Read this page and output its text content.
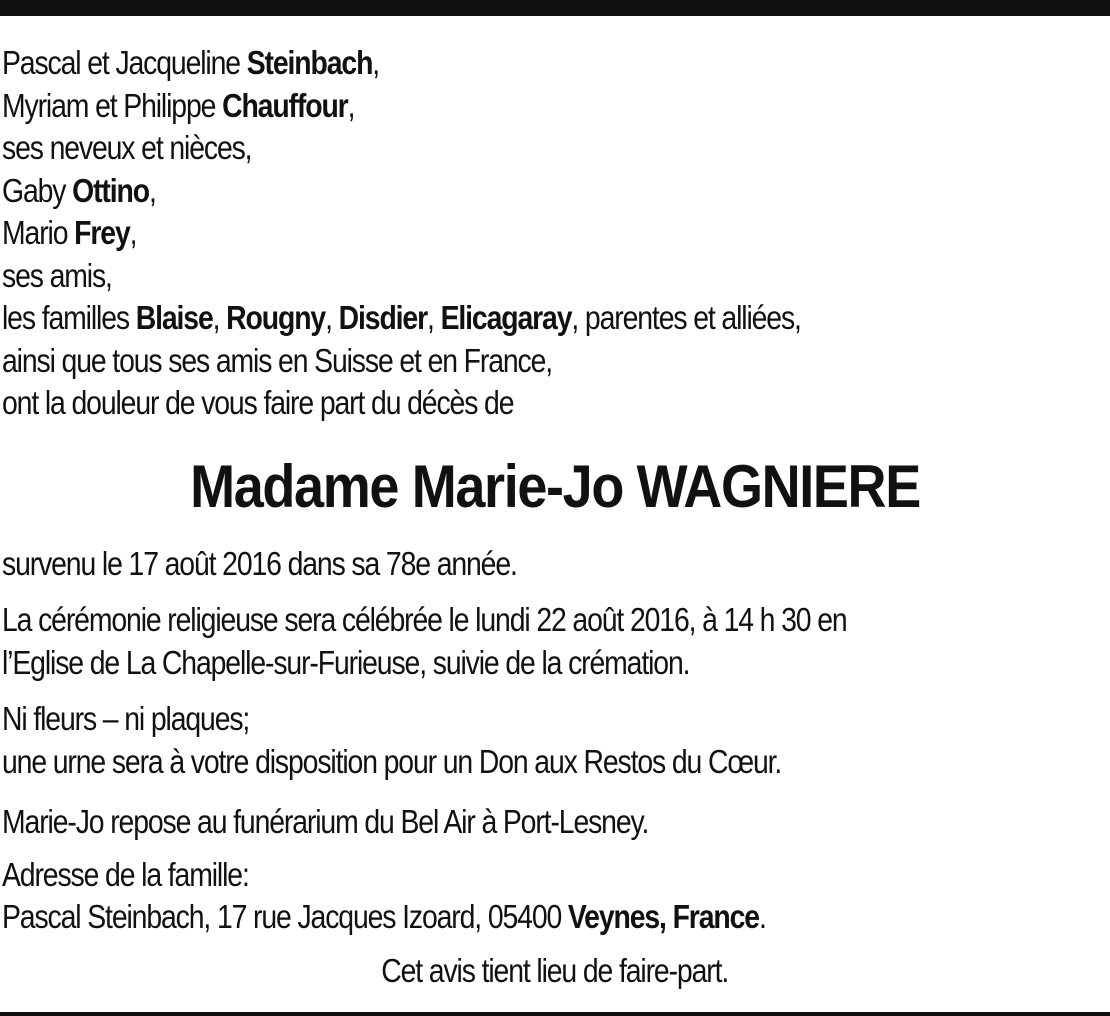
Pascal et Jacqueline Steinbach,
Myriam et Philippe Chauffour,
ses neveux et nièces,
Gaby Ottino,
Mario Frey,
ses amis,
les familles Blaise, Rougny, Disdier, Elicagaray, parentes et alliées,
ainsi que tous ses amis en Suisse et en France,
ont la douleur de vous faire part du décès de
Madame Marie-Jo WAGNIERE
survenu le 17 août 2016 dans sa 78e année.
La cérémonie religieuse sera célébrée le lundi 22 août 2016, à 14 h 30 en
l’Eglise de La Chapelle-sur-Furieuse, suivie de la crémation.
Ni fleurs – ni plaques;
une urne sera à votre disposition pour un Don aux Restos du Cœur.
Marie-Jo repose au funérarium du Bel Air à Port-Lesney.
Adresse de la famille:
Pascal Steinbach, 17 rue Jacques Izoard, 05400 Veynes, France.
Cet avis tient lieu de faire-part.
